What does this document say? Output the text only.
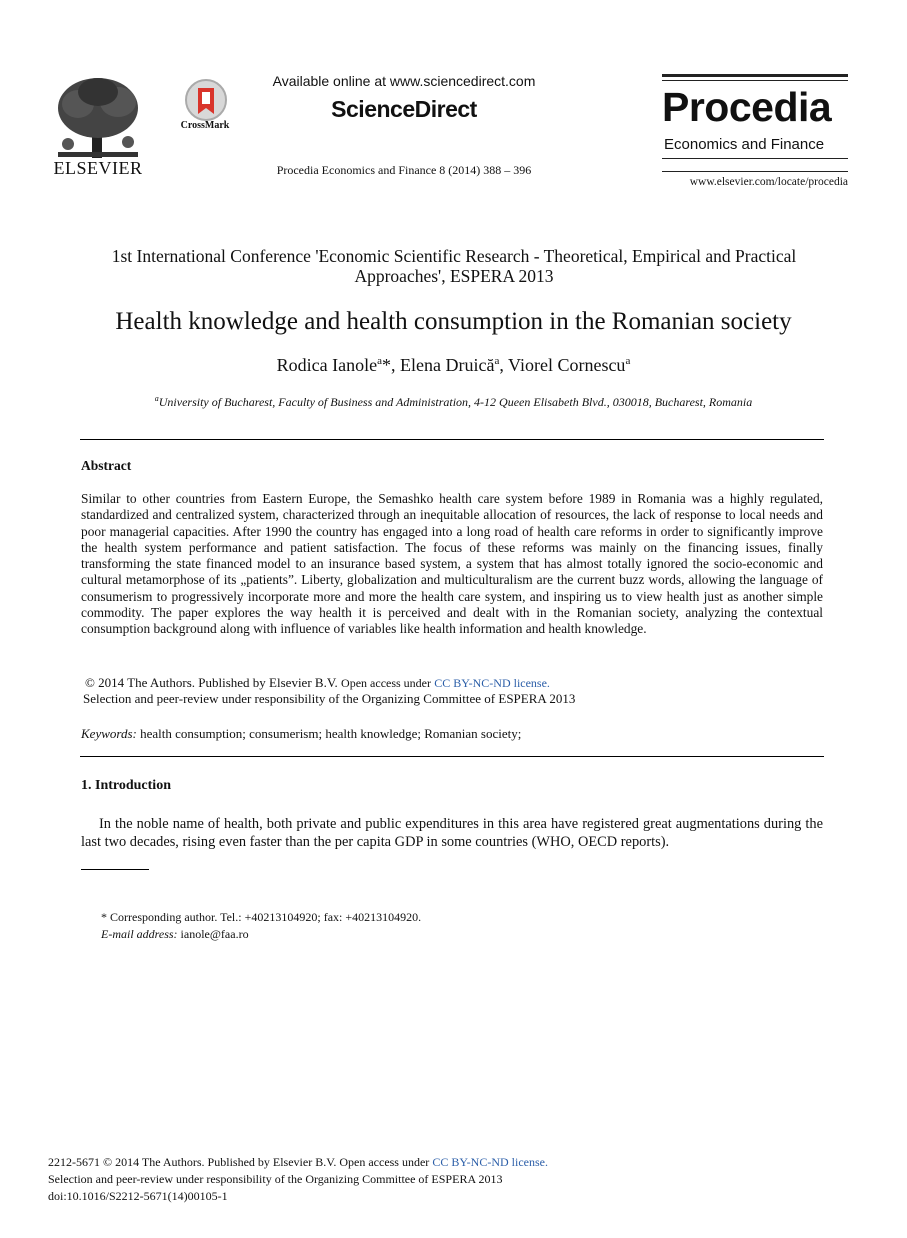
ELSEVIER
CrossMark
Available online at www.sciencedirect.com
ScienceDirect
Procedia Economics and Finance 8 (2014) 388 – 396
Procedia
Economics and Finance
www.elsevier.com/locate/procedia
1st International Conference 'Economic Scientific Research - Theoretical, Empirical and Practical Approaches', ESPERA 2013
Health knowledge and health consumption in the Romanian society
Rodica Ianole$^a$*, Elena Druică$^a$, Viorel Cornescu$^a$
$^a$University of Bucharest, Faculty of Business and Administration, 4-12 Queen Elisabeth Blvd., 030018, Bucharest, Romania
Abstract
Similar to other countries from Eastern Europe, the Semashko health care system before 1989 in Romania was a highly regulated, standardized and centralized system, characterized through an inequitable allocation of resources, the lack of response to local needs and poor managerial capacities. After 1990 the country has engaged into a long road of health care reforms in order to significantly improve the health system performance and patient satisfaction. The focus of these reforms was mainly on the financing issues, finally transforming the state financed model to an insurance based system, a system that has almost totally ignored the socio-economic and cultural metamorphose of its „patients”. Liberty, globalization and multiculturalism are the current buzz words, allowing the language of consumerism to progressively incorporate more and more the health care system, and inspiring us to view health just as another simple commodity. The paper explores the way health it is perceived and dealt with in the Romanian society, analyzing the contextual consumption background along with influence of variables like health information and health knowledge.
© 2014 The Authors. Published by Elsevier B.V. Open access under CC BY-NC-ND license.
Selection and peer-review under responsibility of the Organizing Committee of ESPERA 2013
Keywords: health consumption; consumerism; health knowledge; Romanian society;
1. Introduction
In the noble name of health, both private and public expenditures in this area have registered great augmentations during the last two decades, rising even faster than the per capita GDP in some countries (WHO, OECD reports).
* Corresponding author. Tel.: +40213104920; fax: +40213104920.
E-mail address: ianole@faa.ro
2212-5671 © 2014 The Authors. Published by Elsevier B.V. Open access under CC BY-NC-ND license.
Selection and peer-review under responsibility of the Organizing Committee of ESPERA 2013
doi:10.1016/S2212-5671(14)00105-1
